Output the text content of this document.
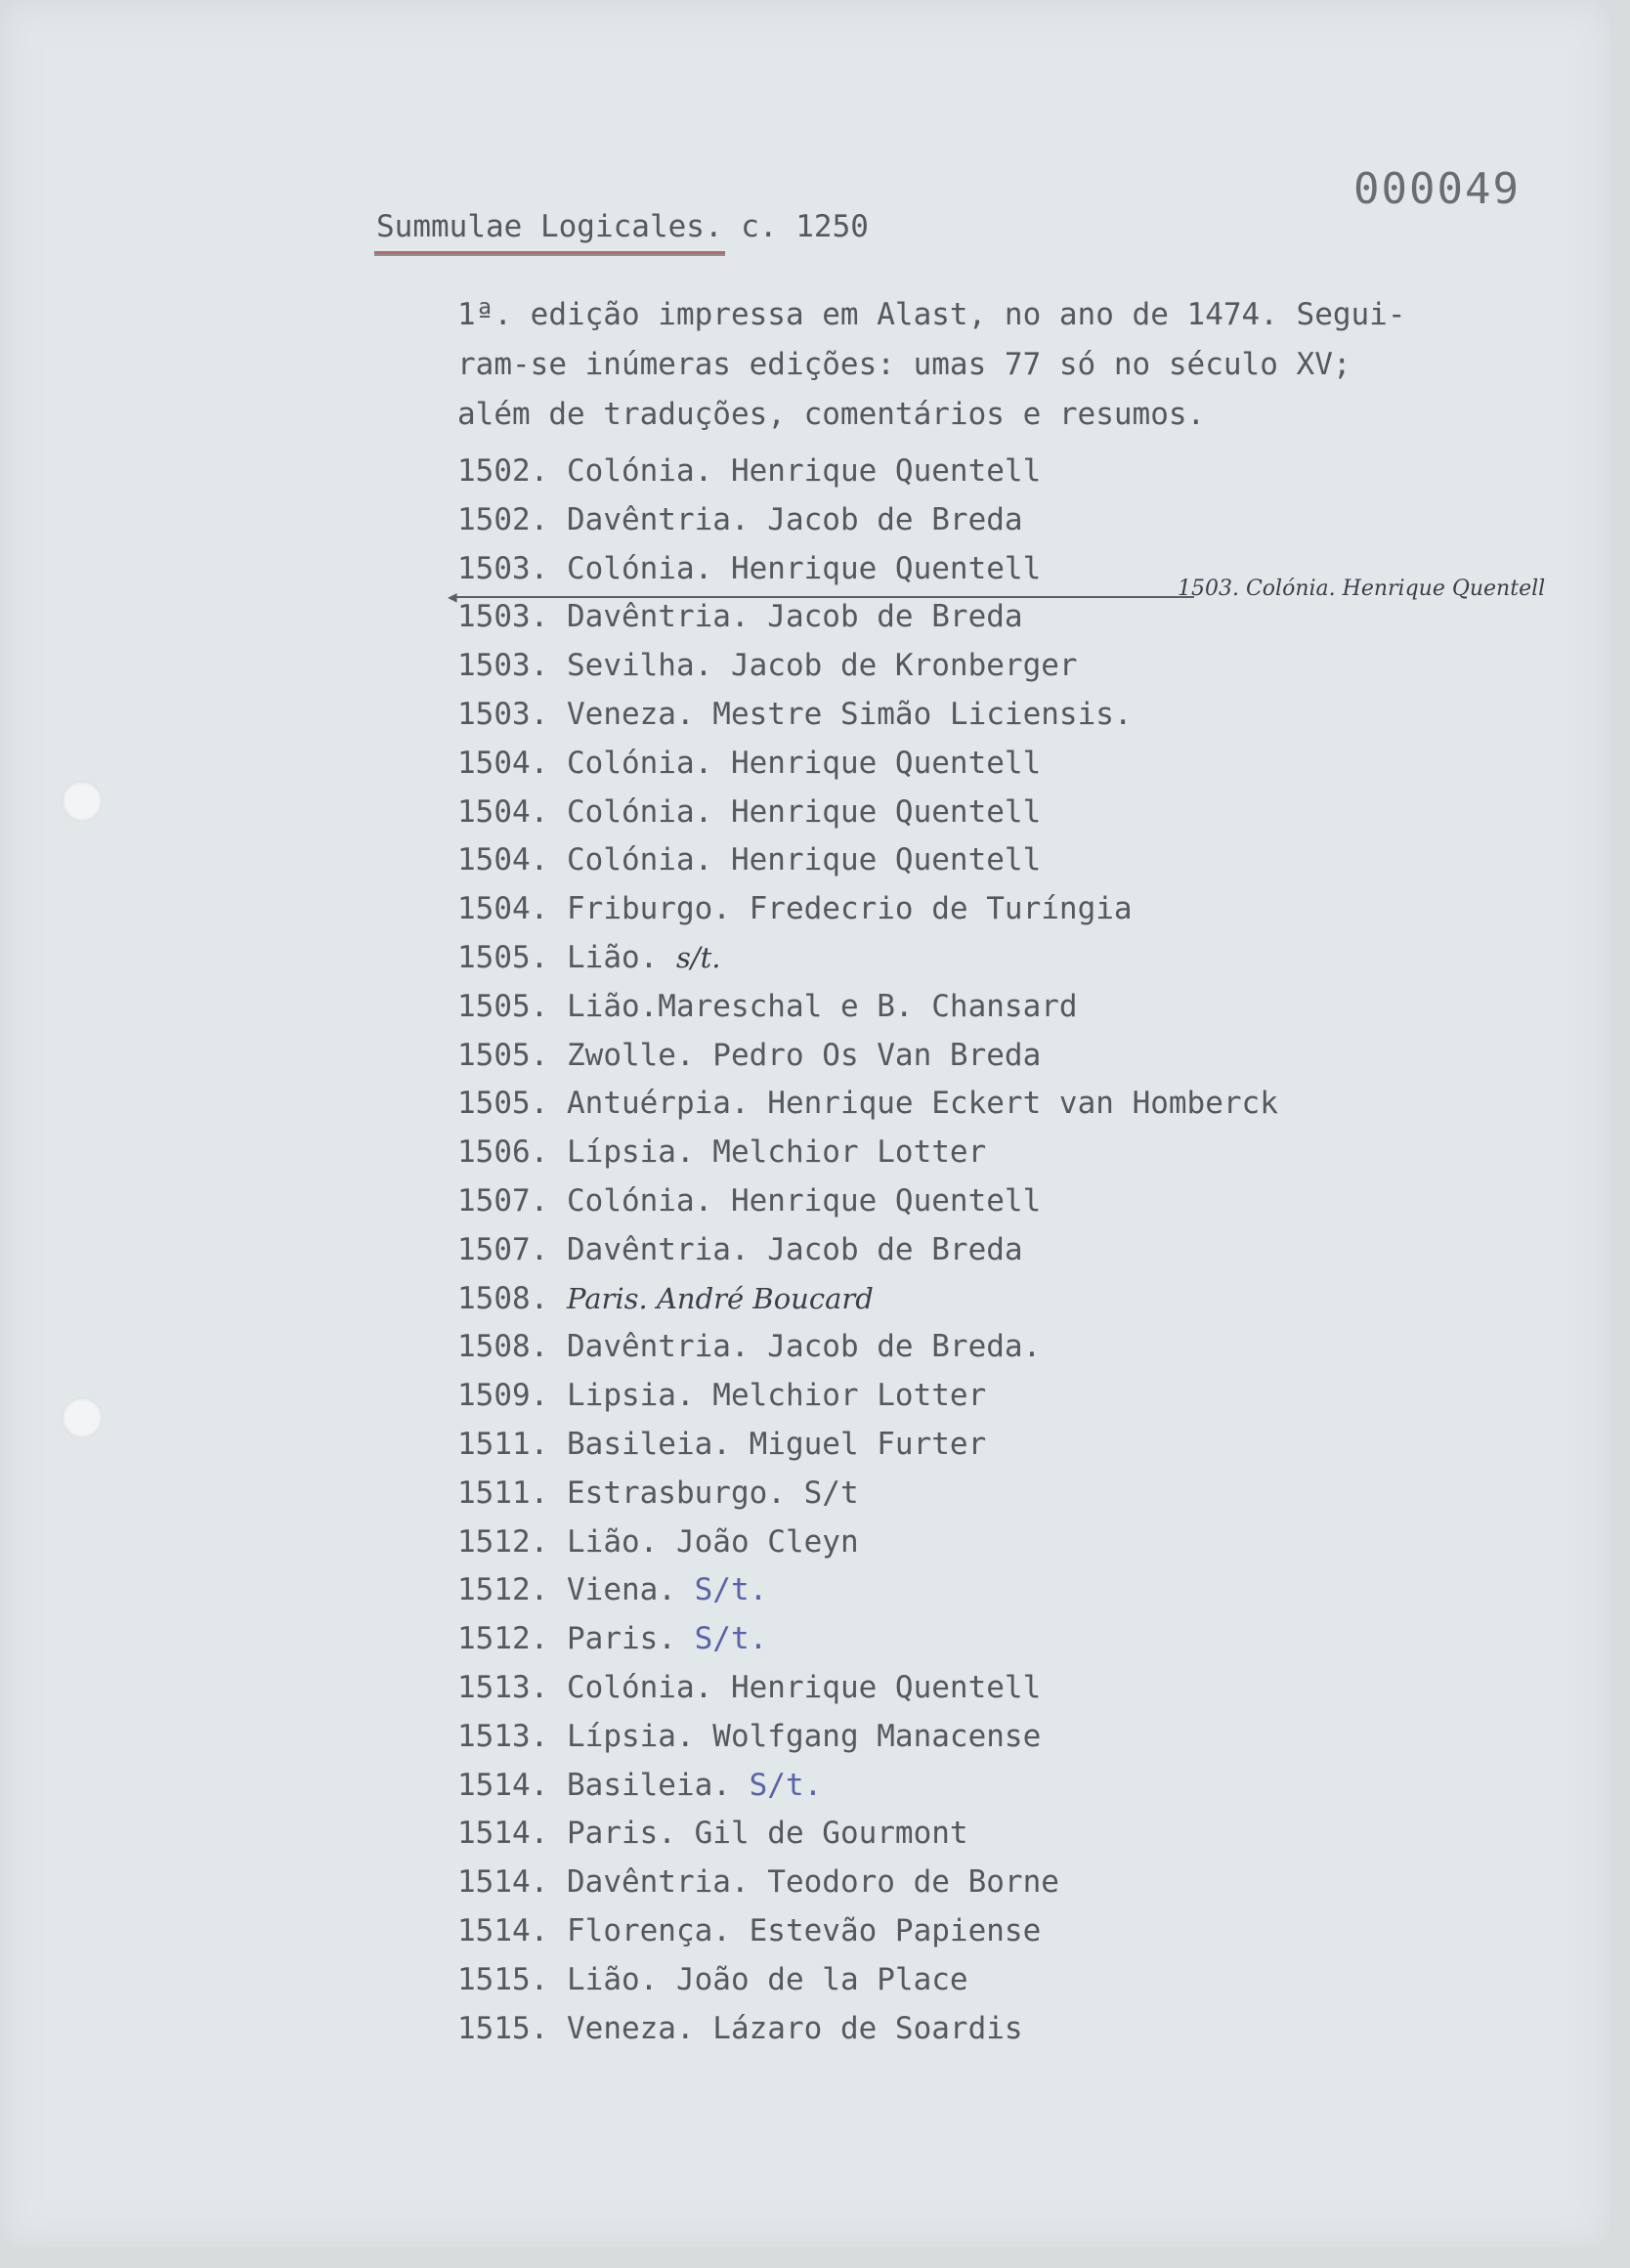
000049
Summulae Logicales. c. 1250

1ª. edição impressa em Alast, no ano de 1474. Segui-

ram-se inúmeras edições: umas 77 só no século XV;

além de traduções, comentários e resumos.

◀	1503. Colónia. Henrique Quentell
1502. Colónia. Henrique Quentell
1502. Davêntria. Jacob de Breda
1503. Colónia. Henrique Quentell
1503. Davêntria. Jacob de Breda
1503. Sevilha. Jacob de Kronberger
1503. Veneza. Mestre Simão Liciensis.
1504. Colónia. Henrique Quentell
1504. Colónia. Henrique Quentell
1504. Colónia. Henrique Quentell
1504. Friburgo. Fredecrio de Turíngia
1505. Lião. s/t.
1505. Lião.Mareschal e B. Chansard
1505. Zwolle. Pedro Os Van Breda
1505. Antuérpia. Henrique Eckert van Homberck
1506. Lípsia. Melchior Lotter
1507. Colónia. Henrique Quentell
1507. Davêntria. Jacob de Breda
1508. Paris. André Boucard
1508. Davêntria. Jacob de Breda.
1509. Lipsia. Melchior Lotter
1511. Basileia. Miguel Furter
1511. Estrasburgo. S/t
1512. Lião. João Cleyn
1512. Viena. S/t.
1512. Paris. S/t.
1513. Colónia. Henrique Quentell
1513. Lípsia. Wolfgang Manacense
1514. Basileia. S/t.
1514. Paris. Gil de Gourmont
1514. Davêntria. Teodoro de Borne
1514. Florença. Estevão Papiense
1515. Lião. João de la Place
1515. Veneza. Lázaro de Soardis
